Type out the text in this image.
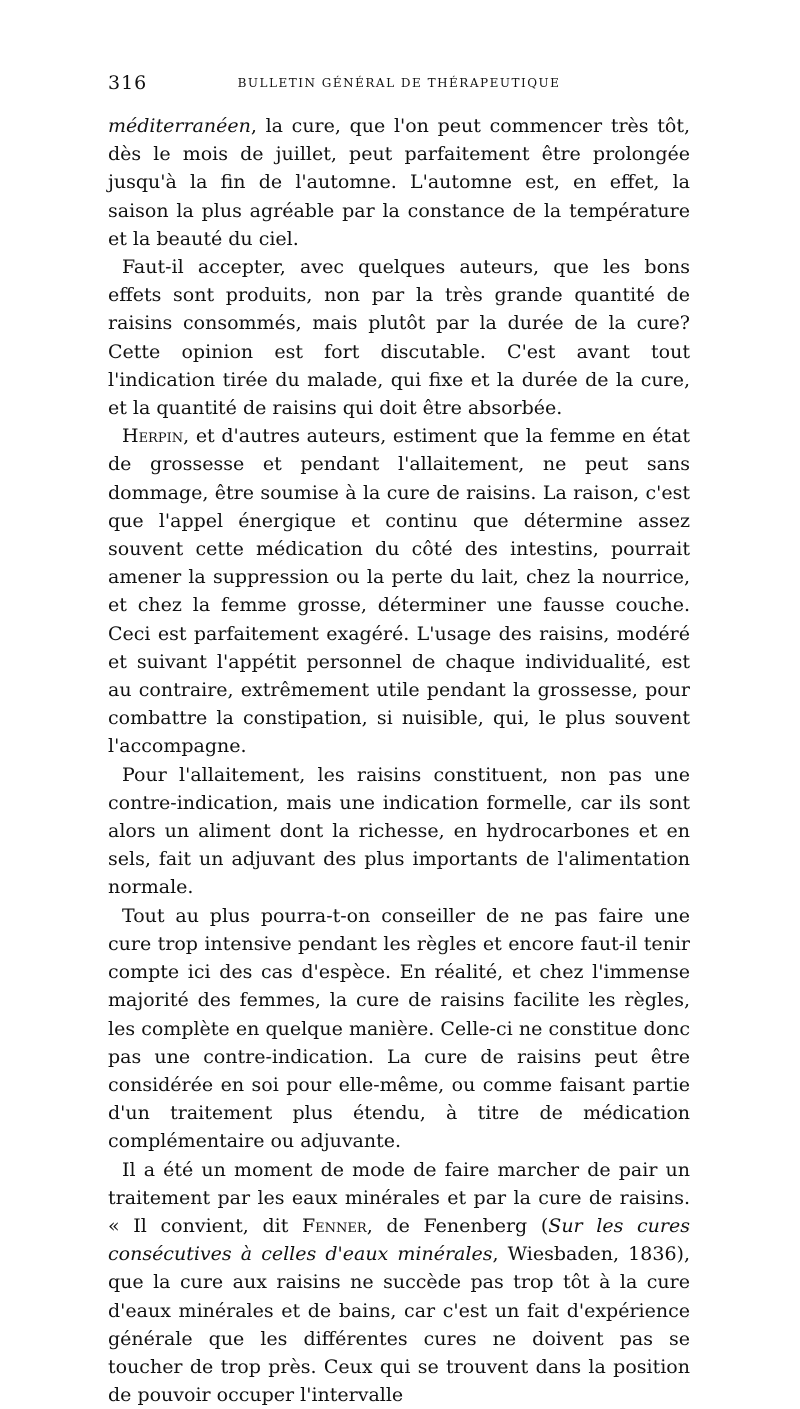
316	BULLETIN GÉNÉRAL DE THÉRAPEUTIQUE

méditerranéen, la cure, que l'on peut commencer très tôt, dès le mois de juillet, peut parfaitement être prolongée jusqu'à la fin de l'automne. L'automne est, en effet, la saison la plus agréable par la constance de la température et la beauté du ciel.

Faut-il accepter, avec quelques auteurs, que les bons effets sont produits, non par la très grande quantité de raisins consommés, mais plutôt par la durée de la cure? Cette opinion est fort discutable. C'est avant tout l'indication tirée du malade, qui fixe et la durée de la cure, et la quantité de raisins qui doit être absorbée.

Herpin, et d'autres auteurs, estiment que la femme en état de grossesse et pendant l'allaitement, ne peut sans dommage, être soumise à la cure de raisins. La raison, c'est que l'appel énergique et continu que détermine assez souvent cette médication du côté des intestins, pourrait amener la suppression ou la perte du lait, chez la nourrice, et chez la femme grosse, déterminer une fausse couche. Ceci est parfaitement exagéré. L'usage des raisins, modéré et suivant l'appétit personnel de chaque individualité, est au contraire, extrêmement utile pendant la grossesse, pour combattre la constipation, si nuisible, qui, le plus souvent l'accompagne.

Pour l'allaitement, les raisins constituent, non pas une contre-indication, mais une indication formelle, car ils sont alors un aliment dont la richesse, en hydrocarbones et en sels, fait un adjuvant des plus importants de l'alimentation normale.

Tout au plus pourra-t-on conseiller de ne pas faire une cure trop intensive pendant les règles et encore faut-il tenir compte ici des cas d'espèce. En réalité, et chez l'immense majorité des femmes, la cure de raisins facilite les règles, les complète en quelque manière. Celle-ci ne constitue donc pas une contre-indication. La cure de raisins peut être considérée en soi pour elle-même, ou comme faisant partie d'un traitement plus étendu, à titre de médication complémentaire ou adjuvante.

Il a été un moment de mode de faire marcher de pair un traitement par les eaux minérales et par la cure de raisins. « Il convient, dit Fenner, de Fenenberg (Sur les cures consécutives à celles d'eaux minérales, Wiesbaden, 1836), que la cure aux raisins ne succède pas trop tôt à la cure d'eaux minérales et de bains, car c'est un fait d'expérience générale que les différentes cures ne doivent pas se toucher de trop près. Ceux qui se trouvent dans la position de pouvoir occuper l'intervalle
